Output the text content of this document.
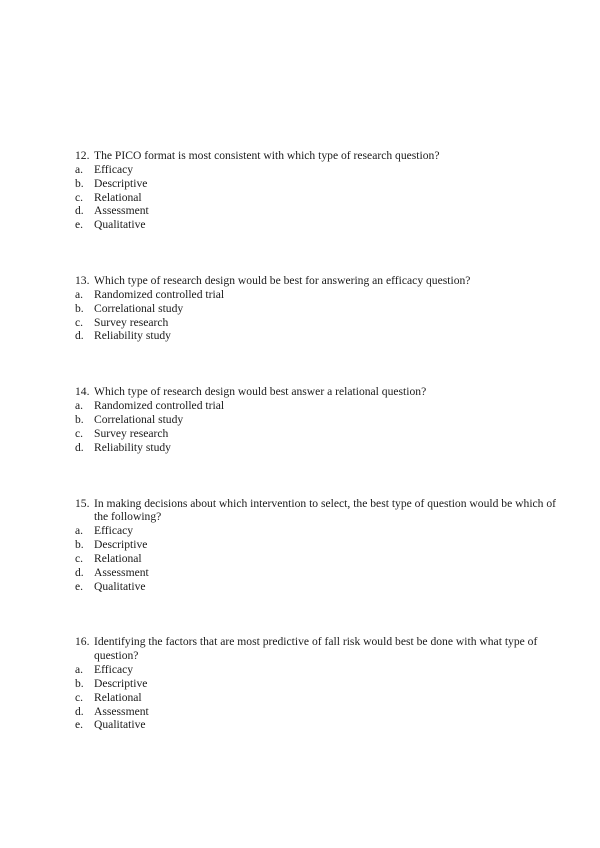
12. The PICO format is most consistent with which type of research question?

a. Efficacy
b. Descriptive
c. Relational
d. Assessment
e. Qualitative

13. Which type of research design would be best for answering an efficacy question?

a. Randomized controlled trial
b. Correlational study
c. Survey research
d. Reliability study

14. Which type of research design would best answer a relational question?

a. Randomized controlled trial
b. Correlational study
c. Survey research
d. Reliability study

15. In making decisions about which intervention to select, the best type of question would be which of the following?

a. Efficacy
b. Descriptive
c. Relational
d. Assessment
e. Qualitative

16. Identifying the factors that are most predictive of fall risk would best be done with what type of question?

a. Efficacy
b. Descriptive
c. Relational
d. Assessment
e. Qualitative
